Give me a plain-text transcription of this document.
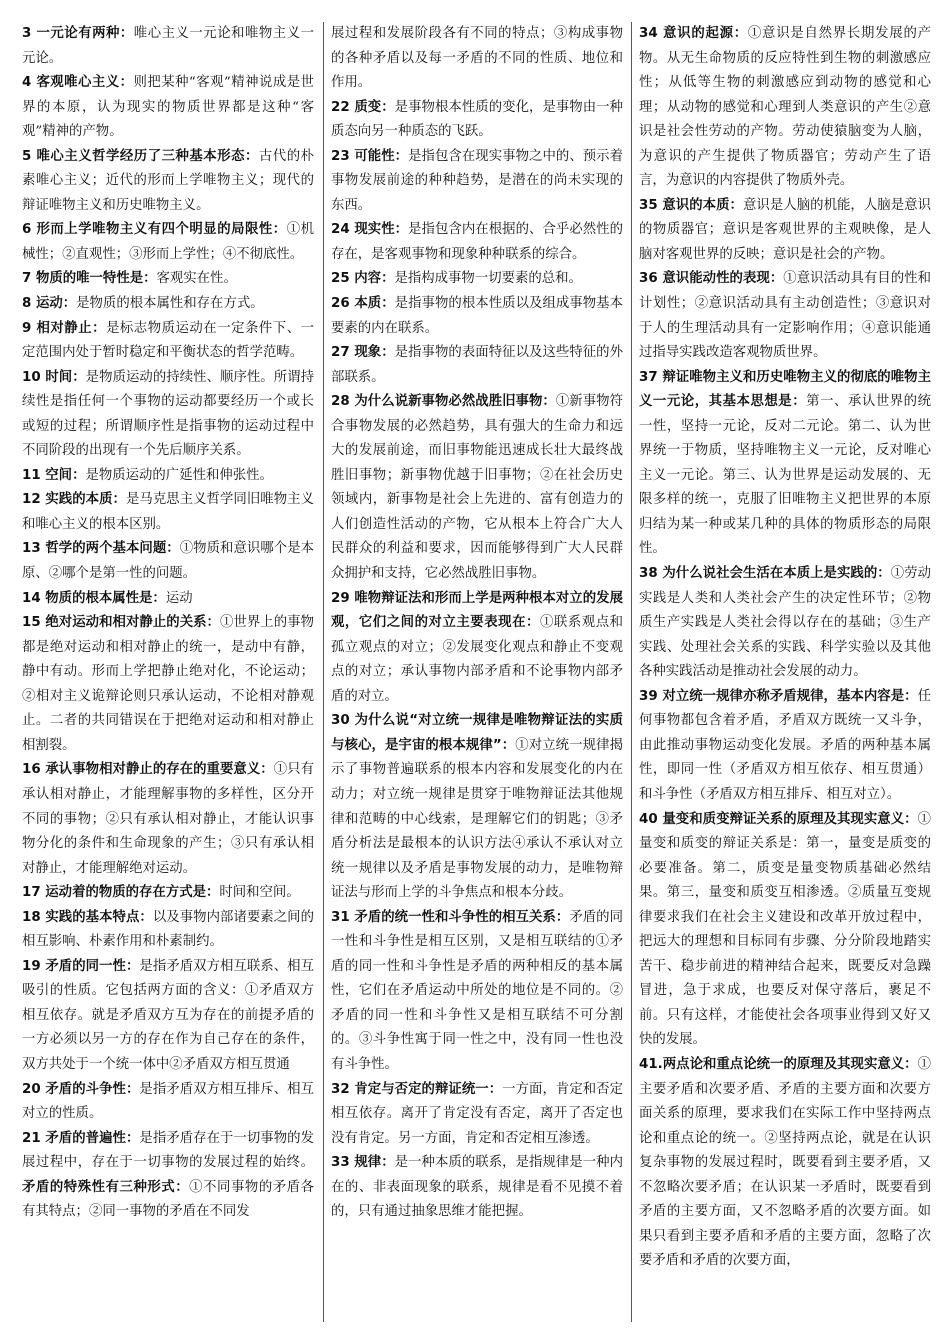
3 一元论有两种：唯心主义一元论和唯物主义一元论。

4 客观唯心主义：则把某种“客观”精神说成是世界的本原，认为现实的物质世界都是这种“客观”精神的产物。

5 唯心主义哲学经历了三种基本形态：古代的朴素唯心主义；近代的形而上学唯物主义；现代的辩证唯物主义和历史唯物主义。

6 形而上学唯物主义有四个明显的局限性：①机械性；②直观性；③形而上学性；④不彻底性。

7 物质的唯一特性是：客观实在性。

8 运动：是物质的根本属性和存在方式。

9 相对静止：是标志物质运动在一定条件下、一定范围内处于暂时稳定和平衡状态的哲学范畴。

10 时间：是物质运动的持续性、顺序性。所谓持续性是指任何一个事物的运动都要经历一个或长或短的过程；所谓顺序性是指事物的运动过程中不同阶段的出现有一个先后顺序关系。

11 空间：是物质运动的广延性和伸张性。

12 实践的本质：是马克思主义哲学同旧唯物主义和唯心主义的根本区别。

13 哲学的两个基本问题：①物质和意识哪个是本原、②哪个是第一性的问题。

14 物质的根本属性是：运动

15 绝对运动和相对静止的关系：①世界上的事物都是绝对运动和相对静止的统一，是动中有静，静中有动。形而上学把静止绝对化，不论运动；②相对主义诡辩论则只承认运动，不论相对静观止。二者的共同错误在于把绝对运动和相对静止相割裂。

16 承认事物相对静止的存在的重要意义：①只有承认相对静止，才能理解事物的多样性，区分开不同的事物；②只有承认相对静止，才能认识事物分化的条件和生命现象的产生；③只有承认相对静止，才能理解绝对运动。

17 运动着的物质的存在方式是：时间和空间。

18 实践的基本特点：以及事物内部诸要素之间的相互影响、朴素作用和朴素制约。

19 矛盾的同一性：是指矛盾双方相互联系、相互吸引的性质。它包括两方面的含义：①矛盾双方相互依存。就是矛盾双方互为存在的前提矛盾的一方必须以另一方的存在作为自己存在的条件，双方共处于一个统一体中②矛盾双方相互贯通

20 矛盾的斗争性：是指矛盾双方相互排斥、相互对立的性质。

21 矛盾的普遍性：是指矛盾存在于一切事物的发展过程中，存在于一切事物的发展过程的始终。矛盾的特殊性有三种形式：①不同事物的矛盾各有其特点；②同一事物的矛盾在不同发

展过程和发展阶段各有不同的特点；③构成事物的各种矛盾以及每一矛盾的不同的性质、地位和作用。

22 质变：是事物根本性质的变化，是事物由一种质态向另一种质态的飞跃。

23 可能性：是指包含在现实事物之中的、预示着事物发展前途的种种趋势，是潜在的尚未实现的东西。

24 现实性：是指包含内在根据的、合乎必然性的存在，是客观事物和现象种种联系的综合。

25 内容：是指构成事物一切要素的总和。

26 本质：是指事物的根本性质以及组成事物基本要素的内在联系。

27 现象：是指事物的表面特征以及这些特征的外部联系。

28 为什么说新事物必然战胜旧事物：①新事物符合事物发展的必然趋势，具有强大的生命力和远大的发展前途，而旧事物能迅速成长壮大最终战胜旧事物；新事物优越于旧事物；②在社会历史领域内，新事物是社会上先进的、富有创造力的人们创造性活动的产物，它从根本上符合广大人民群众的利益和要求，因而能够得到广大人民群众拥护和支持，它必然战胜旧事物。

29 唯物辩证法和形而上学是两种根本对立的发展观，它们之间的对立主要表现在：①联系观点和孤立观点的对立；②发展变化观点和静止不变观点的对立；承认事物内部矛盾和不论事物内部矛盾的对立。

30 为什么说“对立统一规律是唯物辩证法的实质与核心，是宇宙的根本规律”：①对立统一规律揭示了事物普遍联系的根本内容和发展变化的内在动力；对立统一规律是贯穿于唯物辩证法其他规律和范畴的中心线索，是理解它们的钥匙；③矛盾分析法是最根本的认识方法④承认不承认对立统一规律以及矛盾是事物发展的动力，是唯物辩证法与形而上学的斗争焦点和根本分歧。

31 矛盾的统一性和斗争性的相互关系：矛盾的同一性和斗争性是相互区别，又是相互联结的①矛盾的同一性和斗争性是矛盾的两种相反的基本属性，它们在矛盾运动中所处的地位是不同的。②矛盾的同一性和斗争性又是相互联结不可分割的。③斗争性寓于同一性之中，没有同一性也没有斗争性。

32 肯定与否定的辩证统一：一方面，肯定和否定相互依存。离开了肯定没有否定，离开了否定也没有肯定。另一方面，肯定和否定相互渗透。

33 规律：是一种本质的联系，是指规律是一种内在的、非表面现象的联系，规律是看不见摸不着的，只有通过抽象思维才能把握。

34 意识的起源：①意识是自然界长期发展的产物。从无生命物质的反应特性到生物的刺激感应性；从低等生物的刺激感应到动物的感觉和心理；从动物的感觉和心理到人类意识的产生②意识是社会性劳动的产物。劳动使猿脑变为人脑，为意识的产生提供了物质器官；劳动产生了语言，为意识的内容提供了物质外壳。

35 意识的本质：意识是人脑的机能，人脑是意识的物质器官；意识是客观世界的主观映像，是人脑对客观世界的反映；意识是社会的产物。

36 意识能动性的表现：①意识活动具有目的性和计划性；②意识活动具有主动创造性；③意识对于人的生理活动具有一定影响作用；④意识能通过指导实践改造客观物质世界。

37 辩证唯物主义和历史唯物主义的彻底的唯物主义一元论，其基本思想是：第一、承认世界的统一性，坚持一元论，反对二元论。第二、认为世界统一于物质，坚持唯物主义一元论，反对唯心主义一元论。第三、认为世界是运动发展的、无限多样的统一，克服了旧唯物主义把世界的本原归结为某一种或某几种的具体的物质形态的局限性。

38 为什么说社会生活在本质上是实践的：①劳动实践是人类和人类社会产生的决定性环节；②物质生产实践是人类社会得以存在的基础；③生产实践、处理社会关系的实践、科学实验以及其他各种实践活动是推动社会发展的动力。

39 对立统一规律亦称矛盾规律，基本内容是：任何事物都包含着矛盾，矛盾双方既统一又斗争，由此推动事物运动变化发展。矛盾的两种基本属性，即同一性（矛盾双方相互依存、相互贯通）和斗争性（矛盾双方相互排斥、相互对立）。

40 量变和质变辩证关系的原理及其现实意义：①量变和质变的辩证关系是：第一，量变是质变的必要准备。第二，质变是量变物质基础必然结果。第三，量变和质变互相渗透。②质量互变规律要求我们在社会主义建设和改革开放过程中，把远大的理想和目标同有步骤、分分阶段地踏实苦干、稳步前进的精神结合起来，既要反对急躁冒进，急于求成，也要反对保守落后，裹足不前。只有这样，才能使社会各项事业得到又好又快的发展。

41.两点论和重点论统一的原理及其现实意义：①主要矛盾和次要矛盾、矛盾的主要方面和次要方面关系的原理，要求我们在实际工作中坚持两点论和重点论的统一。②坚持两点论，就是在认识复杂事物的发展过程时，既要看到主要矛盾，又不忽略次要矛盾；在认识某一矛盾时，既要看到矛盾的主要方面，又不忽略矛盾的次要方面。如果只看到主要矛盾和矛盾的主要方面，忽略了次要矛盾和矛盾的次要方面，
